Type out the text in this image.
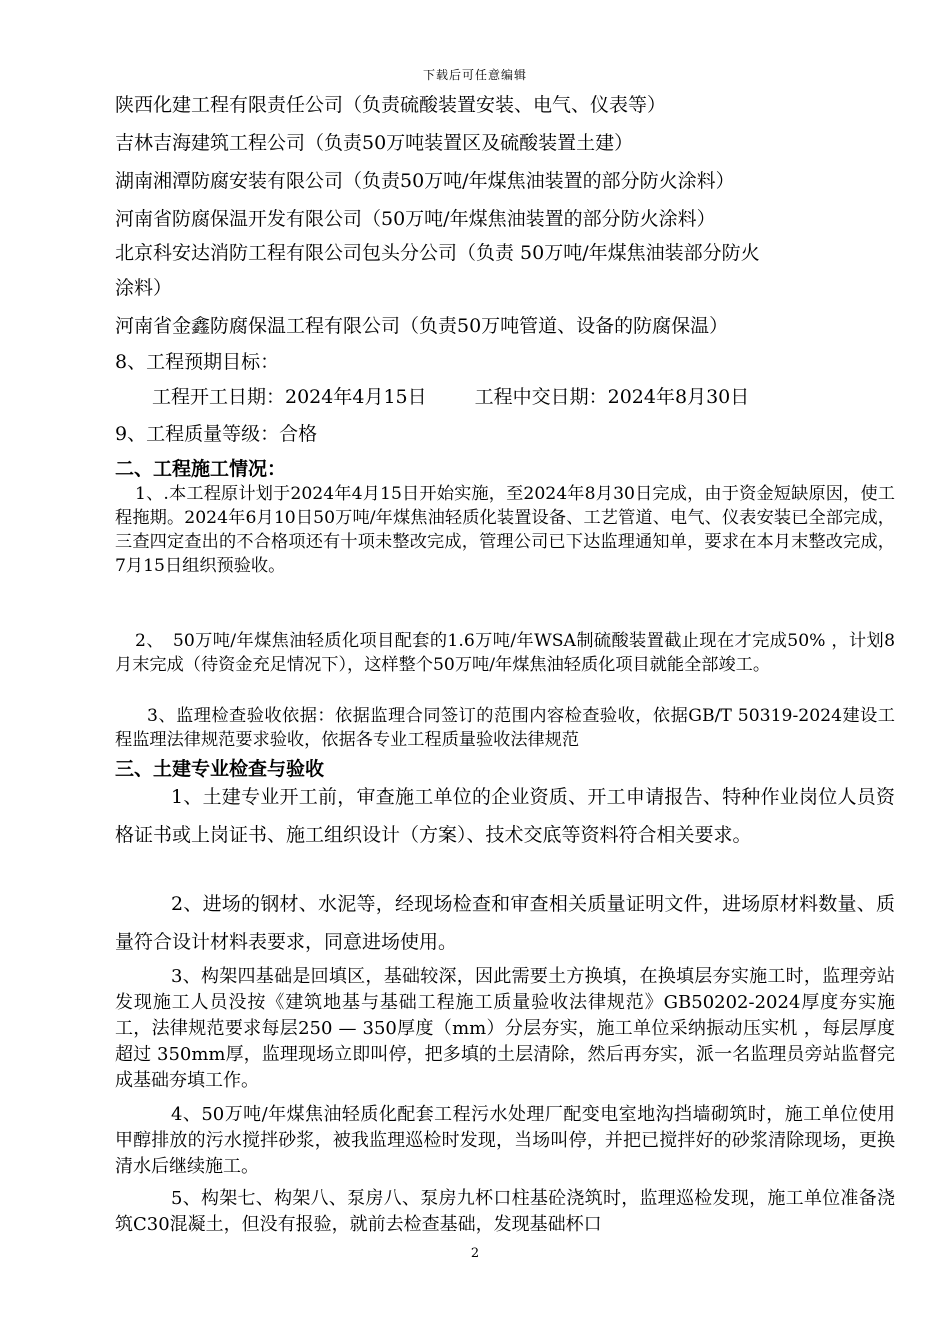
下载后可任意编辑
陕西化建工程有限责任公司（负责硫酸装置安装、电气、仪表等）
吉林吉海建筑工程公司（负责50万吨装置区及硫酸装置土建）
湖南湘潭防腐安装有限公司（负责50万吨/年煤焦油装置的部分防火涂料）
河南省防腐保温开发有限公司（50万吨/年煤焦油装置的部分防火涂料）
北京科安达消防工程有限公司包头分公司（负责 50万吨/年煤焦油装部分防火
涂料）
河南省金鑫防腐保温工程有限公司（负责50万吨管道、设备的防腐保温）
8、工程预期目标：
工程开工日期：2024年4月15日	工程中交日期：2024年8月30日
9、工程质量等级：合格
二、工程施工情况：
1、.本工程原计划于2024年4月15日开始实施，至2024年8月30日完成，由于资金短缺原因，使工程拖期。2024年6月10日50万吨/年煤焦油轻质化装置设备、工艺管道、电气、仪表安装已全部完成，三查四定查出的不合格项还有十项未整改完成，管理公司已下达监理通知单，要求在本月末整改完成， 7月15日组织预验收。
2、　50万吨/年煤焦油轻质化项目配套的1.6万吨/年WSA制硫酸装置截止现在才完成50% ，计划8月末完成（待资金充足情况下），这样整个50万吨/年煤焦油轻质化项目就能全部竣工。
3、监理检查验收依据：依据监理合同签订的范围内容检查验收，依据GB/T 50319-2024建设工程监理法律规范要求验收，依据各专业工程质量验收法律规范
三、土建专业检查与验收
1、土建专业开工前，审查施工单位的企业资质、开工申请报告、特种作业岗位人员资格证书或上岗证书、施工组织设计（方案）、技术交底等资料符合相关要求。
2、进场的钢材、水泥等，经现场检查和审查相关质量证明文件，进场原材料数量、质量符合设计材料表要求，同意进场使用。
3、构架四基础是回填区，基础较深，因此需要土方换填，在换填层夯实施工时，监理旁站发现施工人员没按《建筑地基与基础工程施工质量验收法律规范》GB50202-2024厚度夯实施工，法律规范要求每层250 — 350厚度（mm）分层夯实，施工单位采纳振动压实机 ，每层厚度超过 350mm厚，监理现场立即叫停，把多填的土层清除，然后再夯实，派一名监理员旁站监督完成基础夯填工作。
4、50万吨/年煤焦油轻质化配套工程污水处理厂配变电室地沟挡墙砌筑时，施工单位使用甲醇排放的污水搅拌砂浆，被我监理巡检时发现，当场叫停，并把已搅拌好的砂浆清除现场，更换清水后继续施工。
5、构架七、构架八、泵房八、泵房九杯口柱基砼浇筑时，监理巡检发现，施工单位准备浇筑C30混凝土，但没有报验，就前去检查基础，发现基础杯口
2
